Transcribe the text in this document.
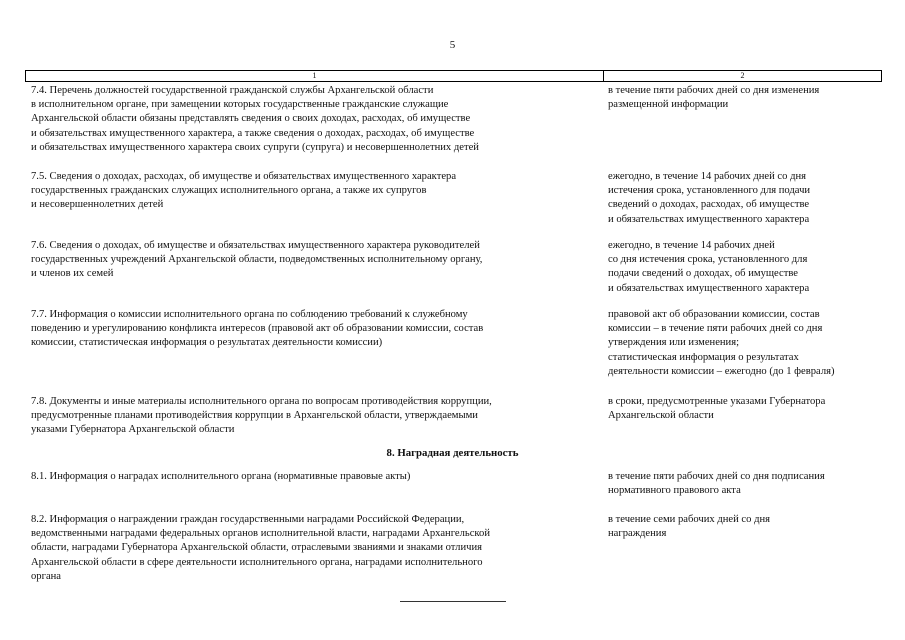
5
1	2
7.4. Перечень должностей государственной гражданской службы Архангельской области
в исполнительном органе, при замещении которых государственные гражданские служащие
Архангельской области обязаны представлять сведения о своих доходах, расходах, об имуществе
и обязательствах имущественного характера, а также сведения о доходах, расходах, об имуществе
и обязательствах имущественного характера своих супруги (супруга) и несовершеннолетних детей
в течение пяти рабочих дней со дня изменения
размещенной информации
7.5. Сведения о доходах, расходах, об имуществе и обязательствах имущественного характера
государственных гражданских служащих исполнительного органа, а также их супругов
и несовершеннолетних детей
ежегодно, в течение 14 рабочих дней со дня
истечения срока, установленного для подачи
сведений о доходах, расходах, об имуществе
и обязательствах имущественного характера
7.6. Сведения о доходах, об имуществе и обязательствах имущественного характера руководителей
государственных учреждений Архангельской области, подведомственных исполнительному органу,
и членов их семей
ежегодно, в течение 14 рабочих дней
со дня истечения срока, установленного для
подачи сведений о доходах, об имуществе
и обязательствах имущественного характера
7.7. Информация о комиссии исполнительного органа по соблюдению требований к служебному
поведению и урегулированию конфликта интересов (правовой акт об образовании комиссии, состав
комиссии, статистическая информация о результатах деятельности комиссии)
правовой акт об образовании комиссии, состав
комиссии – в течение пяти рабочих дней со дня
утверждения или изменения;
статистическая информация о результатах
деятельности комиссии – ежегодно (до 1 февраля)
7.8. Документы и иные материалы исполнительного органа по вопросам противодействия коррупции,
предусмотренные планами противодействия коррупции в Архангельской области, утверждаемыми
указами Губернатора Архангельской области
в сроки, предусмотренные указами Губернатора
Архангельской области
8. Наградная деятельность
8.1. Информация о наградах исполнительного органа (нормативные правовые акты)	в течение пяти рабочих дней со дня подписания
нормативного правового акта
8.2. Информация о награждении граждан государственными наградами Российской Федерации,
ведомственными наградами федеральных органов исполнительной власти, наградами Архангельской
области, наградами Губернатора Архангельской области, отраслевыми званиями и знаками отличия
Архангельской области в сфере деятельности исполнительного органа, наградами исполнительного
органа
в течение семи рабочих дней со дня
награждения
